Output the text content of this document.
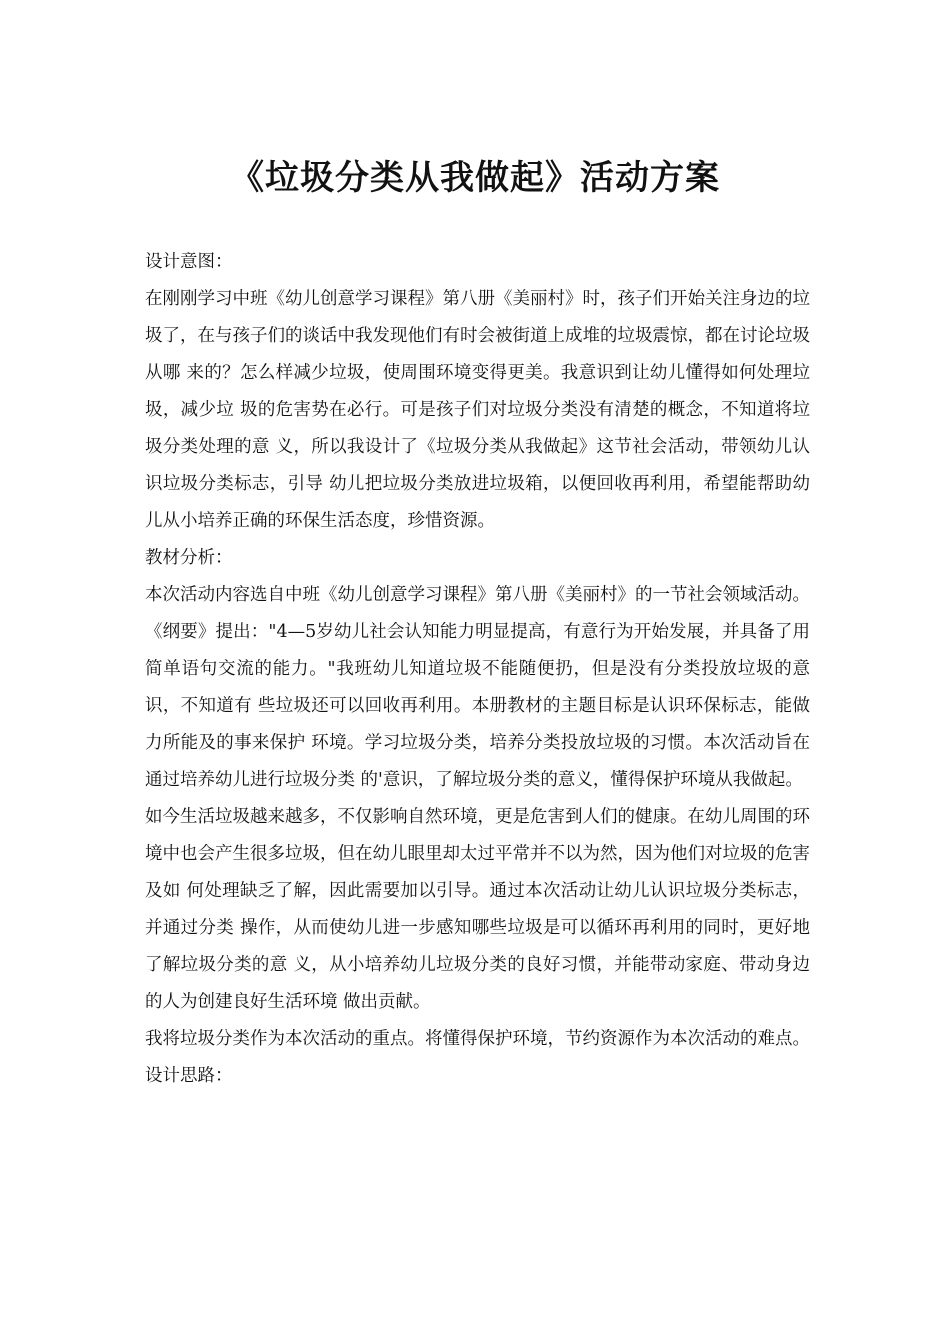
《垃圾分类从我做起》活动方案
设计意图：

在刚刚学习中班《幼儿创意学习课程》第八册《美丽村》时，孩子们开始关注身边的垃 圾了，在与孩子们的谈话中我发现他们有时会被街道上成堆的垃圾震惊，都在讨论垃圾从哪 来的？怎么样减少垃圾，使周围环境变得更美。我意识到让幼儿懂得如何处理垃圾，减少垃 圾的危害势在必行。可是孩子们对垃圾分类没有清楚的概念，不知道将垃圾分类处理的意 义，所以我设计了《垃圾分类从我做起》这节社会活动，带领幼儿认识垃圾分类标志，引导 幼儿把垃圾分类放进垃圾箱，以便回收再利用，希望能帮助幼儿从小培养正确的环保生活态度，珍惜资源。

教材分析：

本次活动内容选自中班《幼儿创意学习课程》第八册《美丽村》的一节社会领域活动。 《纲要》提出："4—5岁幼儿社会认知能力明显提高，有意行为开始发展，并具备了用简单语句交流的能力。"我班幼儿知道垃圾不能随便扔，但是没有分类投放垃圾的意识，不知道有 些垃圾还可以回收再利用。本册教材的主题目标是认识环保标志，能做力所能及的事来保护 环境。学习垃圾分类，培养分类投放垃圾的习惯。本次活动旨在通过培养幼儿进行垃圾分类 的'意识，了解垃圾分类的意义，懂得保护环境从我做起。

如今生活垃圾越来越多，不仅影响自然环境，更是危害到人们的健康。在幼儿周围的环 境中也会产生很多垃圾，但在幼儿眼里却太过平常并不以为然，因为他们对垃圾的危害及如 何处理缺乏了解，因此需要加以引导。通过本次活动让幼儿认识垃圾分类标志，并通过分类 操作，从而使幼儿进一步感知哪些垃圾是可以循环再利用的同时，更好地了解垃圾分类的意 义，从小培养幼儿垃圾分类的良好习惯，并能带动家庭、带动身边的人为创建良好生活环境 做出贡献。

我将垃圾分类作为本次活动的重点。将懂得保护环境，节约资源作为本次活动的难点。

设计思路：
